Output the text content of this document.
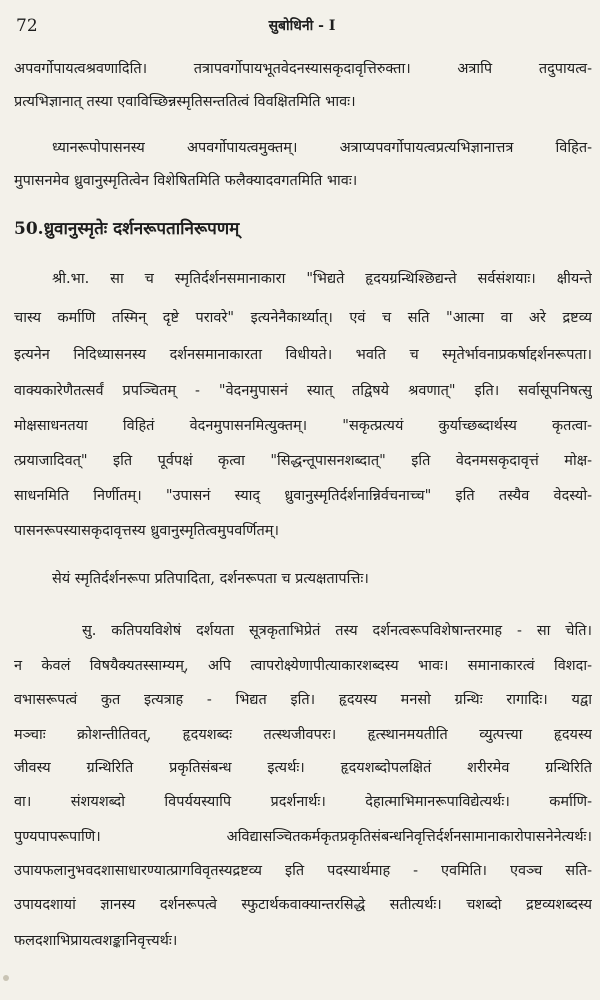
72	सुबोधिनी - I
अपवर्गोपायत्वश्रवणादिति। तत्रापवर्गोपायभूतवेदनस्यासकृदावृत्तिरुक्ता। अत्रापि तदुपायत्व-
प्रत्यभिज्ञानात् तस्या एवाविच्छिन्नस्मृतिसन्ततित्वं विवक्षितमिति भावः।
ध्यानरूपोपासनस्य अपवर्गोपायत्वमुक्तम्। अत्राप्यपवर्गोपायत्वप्रत्यभिज्ञानात्तत्र विहित-
मुपासनमेव ध्रुवानुस्मृतित्वेन विशेषितमिति फलैक्यादवगतमिति भावः।
50.ध्रुवानुस्मृतेः दर्शनरूपतानिरूपणम्
श्री.भा. सा च स्मृतिर्दर्शनसमानाकारा "भिद्यते हृदयग्रन्थिश्छिद्यन्ते सर्वसंशयाः। क्षीयन्ते
चास्य कर्माणि तस्मिन् दृष्टे परावरे" इत्यनेनैकार्थ्यात्। एवं च सति "आत्मा वा अरे द्रष्टव्य
इत्यनेन निदिध्यासनस्य दर्शनसमानाकारता विधीयते। भवति च स्मृतेर्भावनाप्रकर्षाद्दर्शनरूपता।
वाक्यकारेणैतत्सर्वं प्रपञ्चितम् - "वेदनमुपासनं स्यात् तद्विषये श्रवणात्" इति। सर्वासूपनिषत्सु
मोक्षसाधनतया विहितं वेदनमुपासनमित्युक्तम्। "सकृत्प्रत्ययं कुर्याच्छब्दार्थस्य कृतत्वा-
त्प्रयाजादिवत्" इति पूर्वपक्षं कृत्वा "सिद्धन्तूपासनशब्दात्" इति वेदनमसकृदावृत्तं मोक्ष-
साधनमिति निर्णीतम्। "उपासनं स्याद् ध्रुवानुस्मृतिर्दर्शनान्निर्वचनाच्च" इति तस्यैव वेदस्यो-
पासनरूपस्यासकृदावृत्तस्य ध्रुवानुस्मृतित्वमुपवर्णितम्।
सेयं स्मृतिर्दर्शनरूपा प्रतिपादिता, दर्शनरूपता च प्रत्यक्षतापत्तिः।
सु. कतिपयविशेषं दर्शयता सूत्रकृताभिप्रेतं तस्य दर्शनत्वरूपविशेषान्तरमाह - सा चेति।
न केवलं विषयैक्यतस्साम्यम्, अपि त्वापरोक्ष्येणापीत्याकारशब्दस्य भावः। समानाकारत्वं विशदा-
वभासरूपत्वं कुत इत्यत्राह - भिद्यत इति। हृदयस्य मनसो ग्रन्थिः रागादिः। यद्वा
मञ्चाः क्रोशन्तीतिवत्, हृदयशब्दः तत्स्थजीवपरः। हृत्स्थानमयतीति व्युत्पत्त्या हृदयस्य
जीवस्य ग्रन्थिरिति प्रकृतिसंबन्ध इत्यर्थः। हृदयशब्दोपलक्षितं शरीरमेव ग्रन्थिरिति
वा। संशयशब्दो विपर्ययस्यापि प्रदर्शनार्थः। देहात्माभिमानरूपाविद्येत्यर्थः। कर्माणि-
पुण्यपापरूपाणि। अविद्यासञ्चितकर्मकृतप्रकृतिसंबन्धनिवृत्तिर्दर्शनसामानाकारोपासनेनेत्यर्थः।
उपायफलानुभवदशासाधारण्यात्प्रागविवृतस्यद्रष्टव्य इति पदस्यार्थमाह - एवमिति। एवञ्च सति-
उपायदशायां ज्ञानस्य दर्शनरूपत्वे स्फुटार्थकवाक्यान्तरसिद्धे सतीत्यर्थः। चशब्दो द्रष्टव्यशब्दस्य
फलदशाभिप्रायत्वशङ्कानिवृत्त्यर्थः।
